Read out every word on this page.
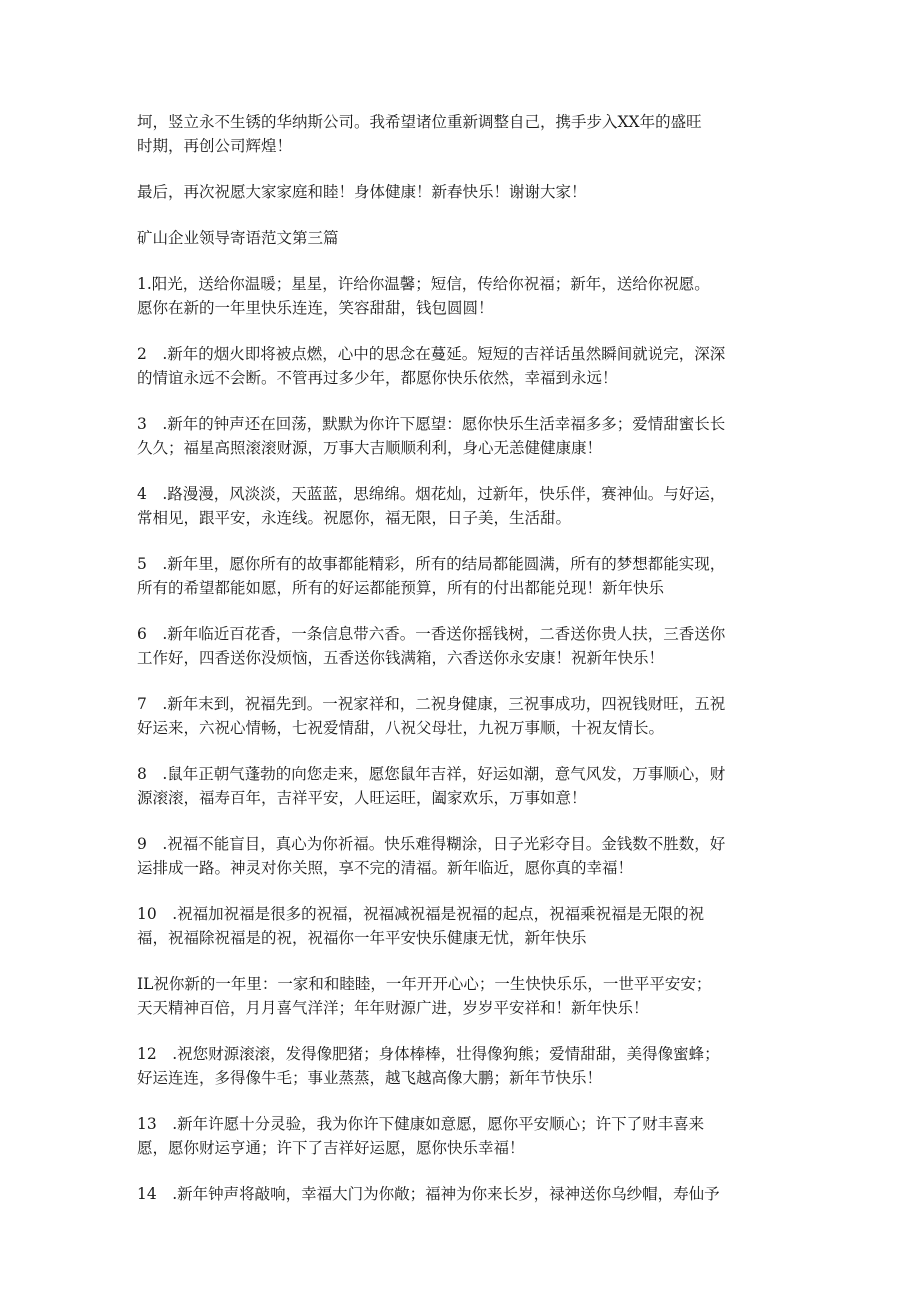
坷，竖立永不生锈的华纳斯公司。我希望诸位重新调整自己，携手步入XX年的盛旺
时期，再创公司辉煌！

最后，再次祝愿大家家庭和睦！身体健康！新春快乐！谢谢大家！

矿山企业领导寄语范文第三篇

1.阳光，送给你温暖；星星，许给你温馨；短信，传给你祝福；新年，送给你祝愿。
愿你在新的一年里快乐连连，笑容甜甜，钱包圆圆！

2　.新年的烟火即将被点燃，心中的思念在蔓延。短短的吉祥话虽然瞬间就说完，深深
的情谊永远不会断。不管再过多少年，都愿你快乐依然，幸福到永远！

3　.新年的钟声还在回荡，默默为你许下愿望：愿你快乐生活幸福多多；爱情甜蜜长长
久久；福星高照滚滚财源，万事大吉顺顺利利，身心无恙健健康康！

4　.路漫漫，风淡淡，天蓝蓝，思绵绵。烟花灿，过新年，快乐伴，赛神仙。与好运，
常相见，跟平安，永连线。祝愿你，福无限，日子美，生活甜。

5　.新年里，愿你所有的故事都能精彩，所有的结局都能圆满，所有的梦想都能实现，
所有的希望都能如愿，所有的好运都能预算，所有的付出都能兑现！新年快乐

6　.新年临近百花香，一条信息带六香。一香送你摇钱树，二香送你贵人扶，三香送你
工作好，四香送你没烦恼，五香送你钱满箱，六香送你永安康！祝新年快乐！

7　.新年末到，祝福先到。一祝家祥和，二祝身健康，三祝事成功，四祝钱财旺，五祝
好运来，六祝心情畅，七祝爱情甜，八祝父母壮，九祝万事顺，十祝友情长。

8　.鼠年正朝气蓬勃的向您走来，愿您鼠年吉祥，好运如潮，意气风发，万事顺心，财
源滚滚，福寿百年，吉祥平安，人旺运旺，阖家欢乐，万事如意！

9　.祝福不能盲目，真心为你祈福。快乐难得糊涂，日子光彩夺目。金钱数不胜数，好
运排成一路。神灵对你关照，享不完的清福。新年临近，愿你真的幸福！

10　.祝福加祝福是很多的祝福，祝福减祝福是祝福的起点，祝福乘祝福是无限的祝
福，祝福除祝福是的祝，祝福你一年平安快乐健康无忧，新年快乐

IL祝你新的一年里：一家和和睦睦，一年开开心心；一生快快乐乐，一世平平安安；
天天精神百倍，月月喜气洋洋；年年财源广进，岁岁平安祥和！新年快乐！

12　.祝您财源滚滚，发得像肥猪；身体棒棒，壮得像狗熊；爱情甜甜，美得像蜜蜂；
好运连连，多得像牛毛；事业蒸蒸，越飞越高像大鹏；新年节快乐！

13　.新年许愿十分灵验，我为你许下健康如意愿，愿你平安顺心；许下了财丰喜来
愿，愿你财运亨通；许下了吉祥好运愿，愿你快乐幸福！

14　.新年钟声将敲响，幸福大门为你敞；福神为你来长岁，禄神送你乌纱帽，寿仙予
